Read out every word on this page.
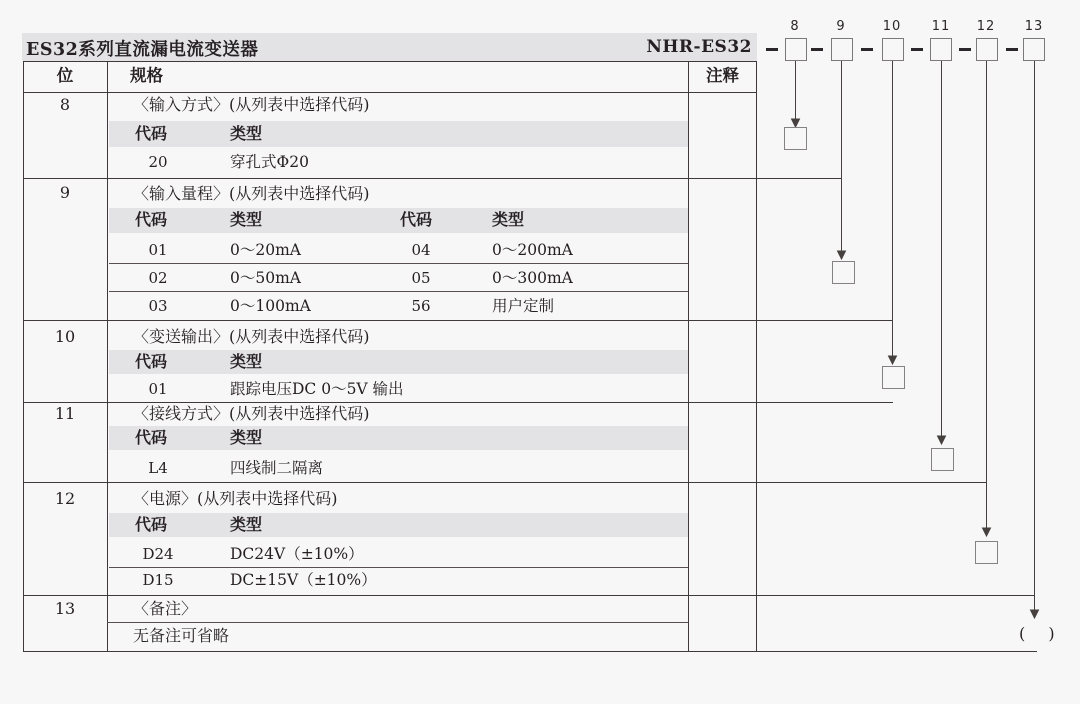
ES32系列直流漏电流变送器	NHR-ES32
位	规格	注释
8	〈输入方式〉(从列表中选择代码)
代码	类型
20	穿孔式Φ20
9	〈输入量程〉(从列表中选择代码)
代码	类型	代码	类型
01	0～20mA	04	0～200mA
02	0～50mA	05	0～300mA
03	0～100mA	56	用户定制
10	〈变送输出〉(从列表中选择代码)
代码	类型
01	跟踪电压DC 0～5V 输出
11	〈接线方式〉(从列表中选择代码)
代码	类型
L4	四线制二隔离
12	〈电源〉(从列表中选择代码)
代码	类型
D24	DC24V（±10%）
D15	DC±15V（±10%）
13	〈备注〉
无备注可省略
8	9	10	11	12	13
( )
